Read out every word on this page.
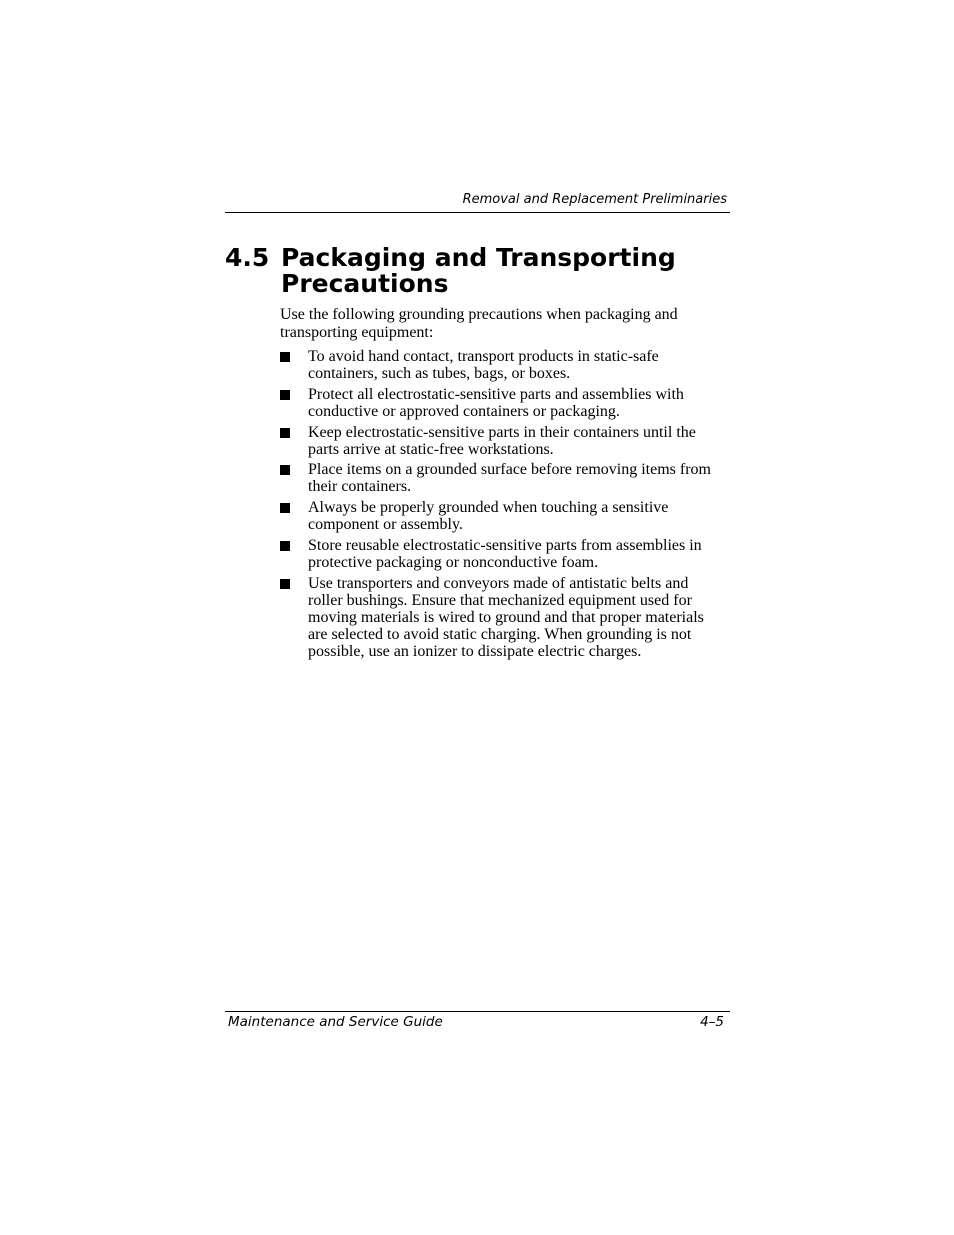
Removal and Replacement Preliminaries
4.5 Packaging and Transporting
Precautions

Use the following grounding precautions when packaging and transporting equipment:

To avoid hand contact, transport products in static-safe containers, such as tubes, bags, or boxes.
Protect all electrostatic-sensitive parts and assemblies with conductive or approved containers or packaging.
Keep electrostatic-sensitive parts in their containers until the parts arrive at static-free workstations.
Place items on a grounded surface before removing items from their containers.
Always be properly grounded when touching a sensitive component or assembly.
Store reusable electrostatic-sensitive parts from assemblies in protective packaging or nonconductive foam.
Use transporters and conveyors made of antistatic belts and roller bushings. Ensure that mechanized equipment used for moving materials is wired to ground and that proper materials are selected to avoid static charging. When grounding is not possible, use an ionizer to dissipate electric charges.
Maintenance and Service Guide	4–5
